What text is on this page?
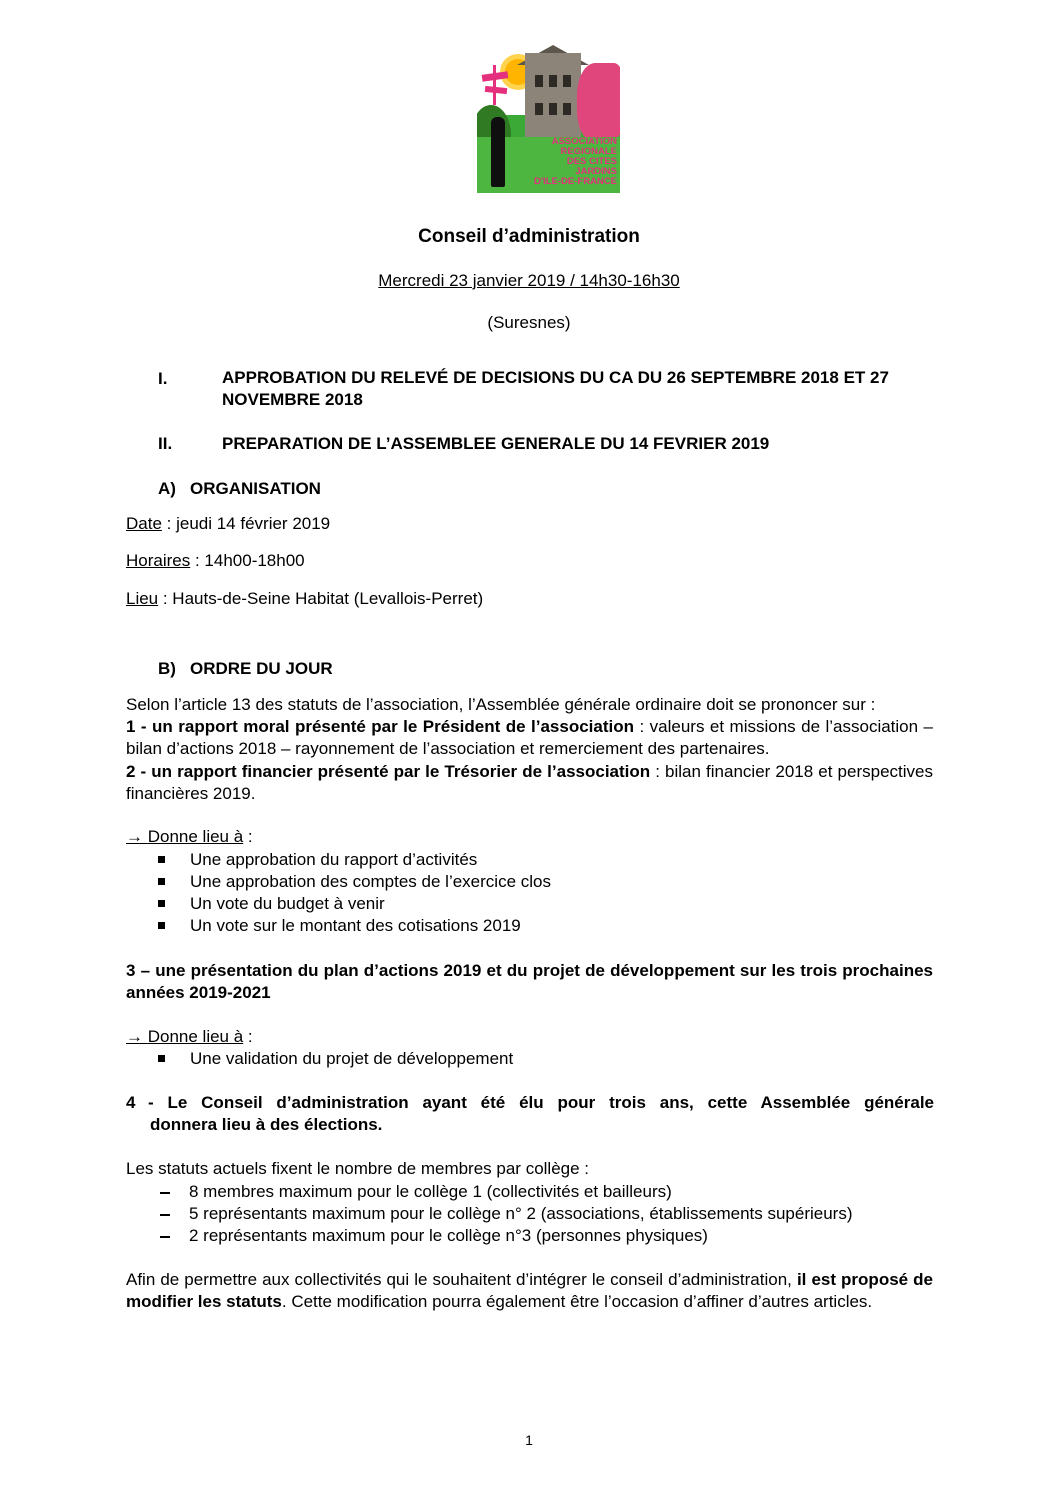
ASSOCIATION
REGIONALE
DES CITES JARDINS
D'ILE-DE-FRANCE
Conseil d’administration
Mercredi 23 janvier 2019 / 14h30-16h30
(Suresnes)
I.	APPROBATION DU RELEVÉ DE DECISIONS DU CA DU 26 SEPTEMBRE 2018 ET 27
NOVEMBRE 2018
II.	PREPARATION DE L’ASSEMBLEE GENERALE DU 14 FEVRIER 2019
A) ORGANISATION
Date : jeudi 14 février 2019
Horaires : 14h00-18h00
Lieu : Hauts-de-Seine Habitat (Levallois-Perret)
B) ORDRE DU JOUR
Selon l’article 13 des statuts de l’association, l’Assemblée générale ordinaire doit se prononcer sur :
1 - un rapport moral présenté par le Président de l’association : valeurs et missions de l’association – bilan d’actions 2018 – rayonnement de l’association et remerciement des partenaires.
2 - un rapport financier présenté par le Trésorier de l’association : bilan financier 2018 et perspectives financières 2019.
→ Donne lieu à :
Une approbation du rapport d’activités
Une approbation des comptes de l’exercice clos
Un vote du budget à venir
Un vote sur le montant des cotisations 2019
3 – une présentation du plan d’actions 2019 et du projet de développement sur les trois prochaines années 2019-2021
→ Donne lieu à :
Une validation du projet de développement
4 - Le Conseil d’administration ayant été élu pour trois ans, cette Assemblée générale
donnera lieu à des élections.
Les statuts actuels fixent le nombre de membres par collège :
8 membres maximum pour le collège 1 (collectivités et bailleurs)
5 représentants maximum pour le collège n° 2 (associations, établissements supérieurs)
2 représentants maximum pour le collège n°3 (personnes physiques)
Afin de permettre aux collectivités qui le souhaitent d’intégrer le conseil d’administration, il est proposé de modifier les statuts. Cette modification pourra également être l’occasion d’affiner d’autres articles.
1
